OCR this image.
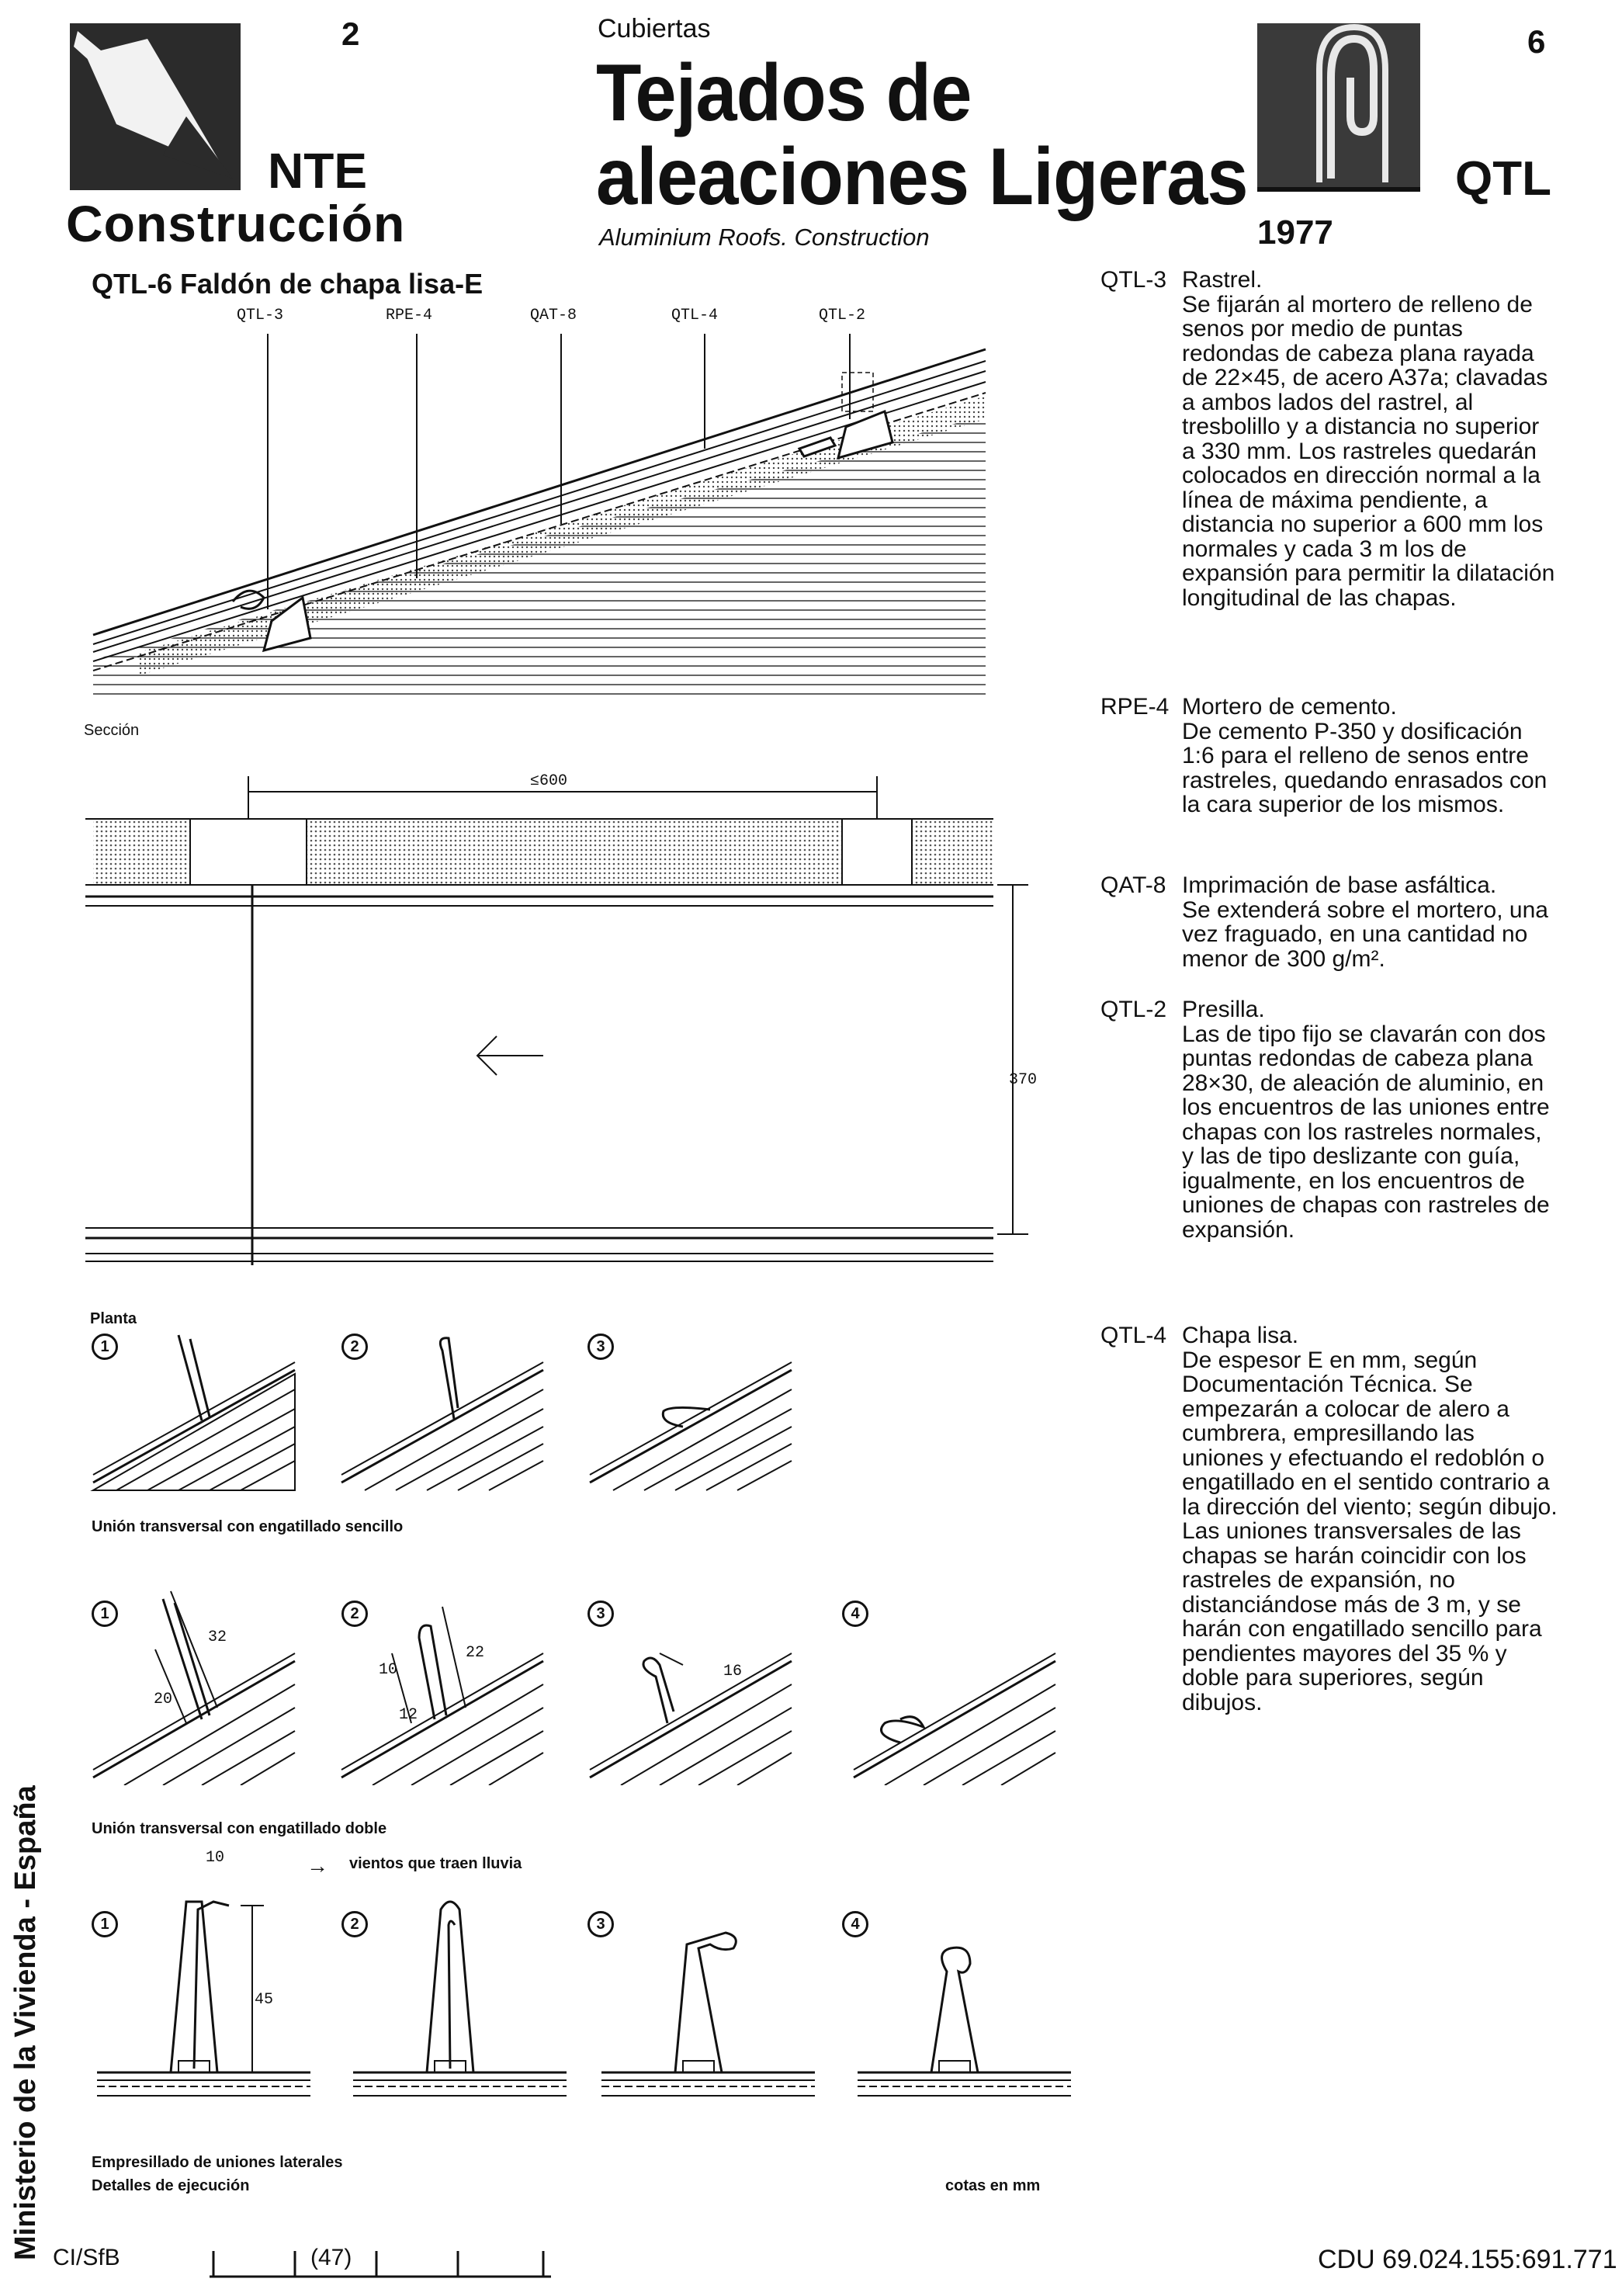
2
NTE
Construcción
Cubiertas
Tejados de
aleaciones Ligeras
Aluminium Roofs. Construction
6
QTL
1977
QTL-6 Faldón de chapa lisa-E
QTL-3	RPE-4	QAT-8	QTL-4	QTL-2
Sección
≤600
370
Planta
1	2	3
Unión transversal con engatillado sencillo
1	2	3	4
20
32
10
12
22
16
Unión transversal con engatillado doble
10	→ vientos que traen lluvia
1	2	3	4
45
Empresillado de uniones laterales
Detalles de ejecución	cotas en mm
QTL-3 Rastrel.
Se fijarán al mortero de relleno de senos por medio de puntas redondas de cabeza plana rayada de 22×45, de acero A37a; clavadas a ambos lados del rastrel, al tresbolillo y a distancia no superior a 330 mm. Los rastreles quedarán colocados en dirección normal a la línea de máxima pendiente, a distancia no superior a 600 mm los normales y cada 3 m los de expansión para permitir la dilatación longitudinal de las chapas.
RPE-4 Mortero de cemento.
De cemento P-350 y dosificación 1:6 para el relleno de senos entre rastreles, quedando enrasados con la cara superior de los mismos.
QAT-8 Imprimación de base asfáltica.
Se extenderá sobre el mortero, una vez fraguado, en una cantidad no menor de 300 g/m².
QTL-2 Presilla.
Las de tipo fijo se clavarán con dos puntas redondas de cabeza plana 28×30, de aleación de aluminio, en los encuentros de las uniones entre chapas con los rastreles normales, y las de tipo deslizante con guía, igualmente, en los encuentros de uniones de chapas con rastreles de expansión.
QTL-4 Chapa lisa.
De espesor E en mm, según Documentación Técnica. Se empezarán a colocar de alero a cumbrera, empresillando las uniones y efectuando el redoblón o engatillado en el sentido contrario a la dirección del viento; según dibujo. Las uniones transversales de las chapas se harán coincidir con los rastreles de expansión, no distanciándose más de 3 m, y se harán con engatillado sencillo para pendientes mayores del 35 % y doble para superiores, según dibujos.
Ministerio de la Vivienda - España CI/SfB	(47)	CDU 69.024.155:691.771
